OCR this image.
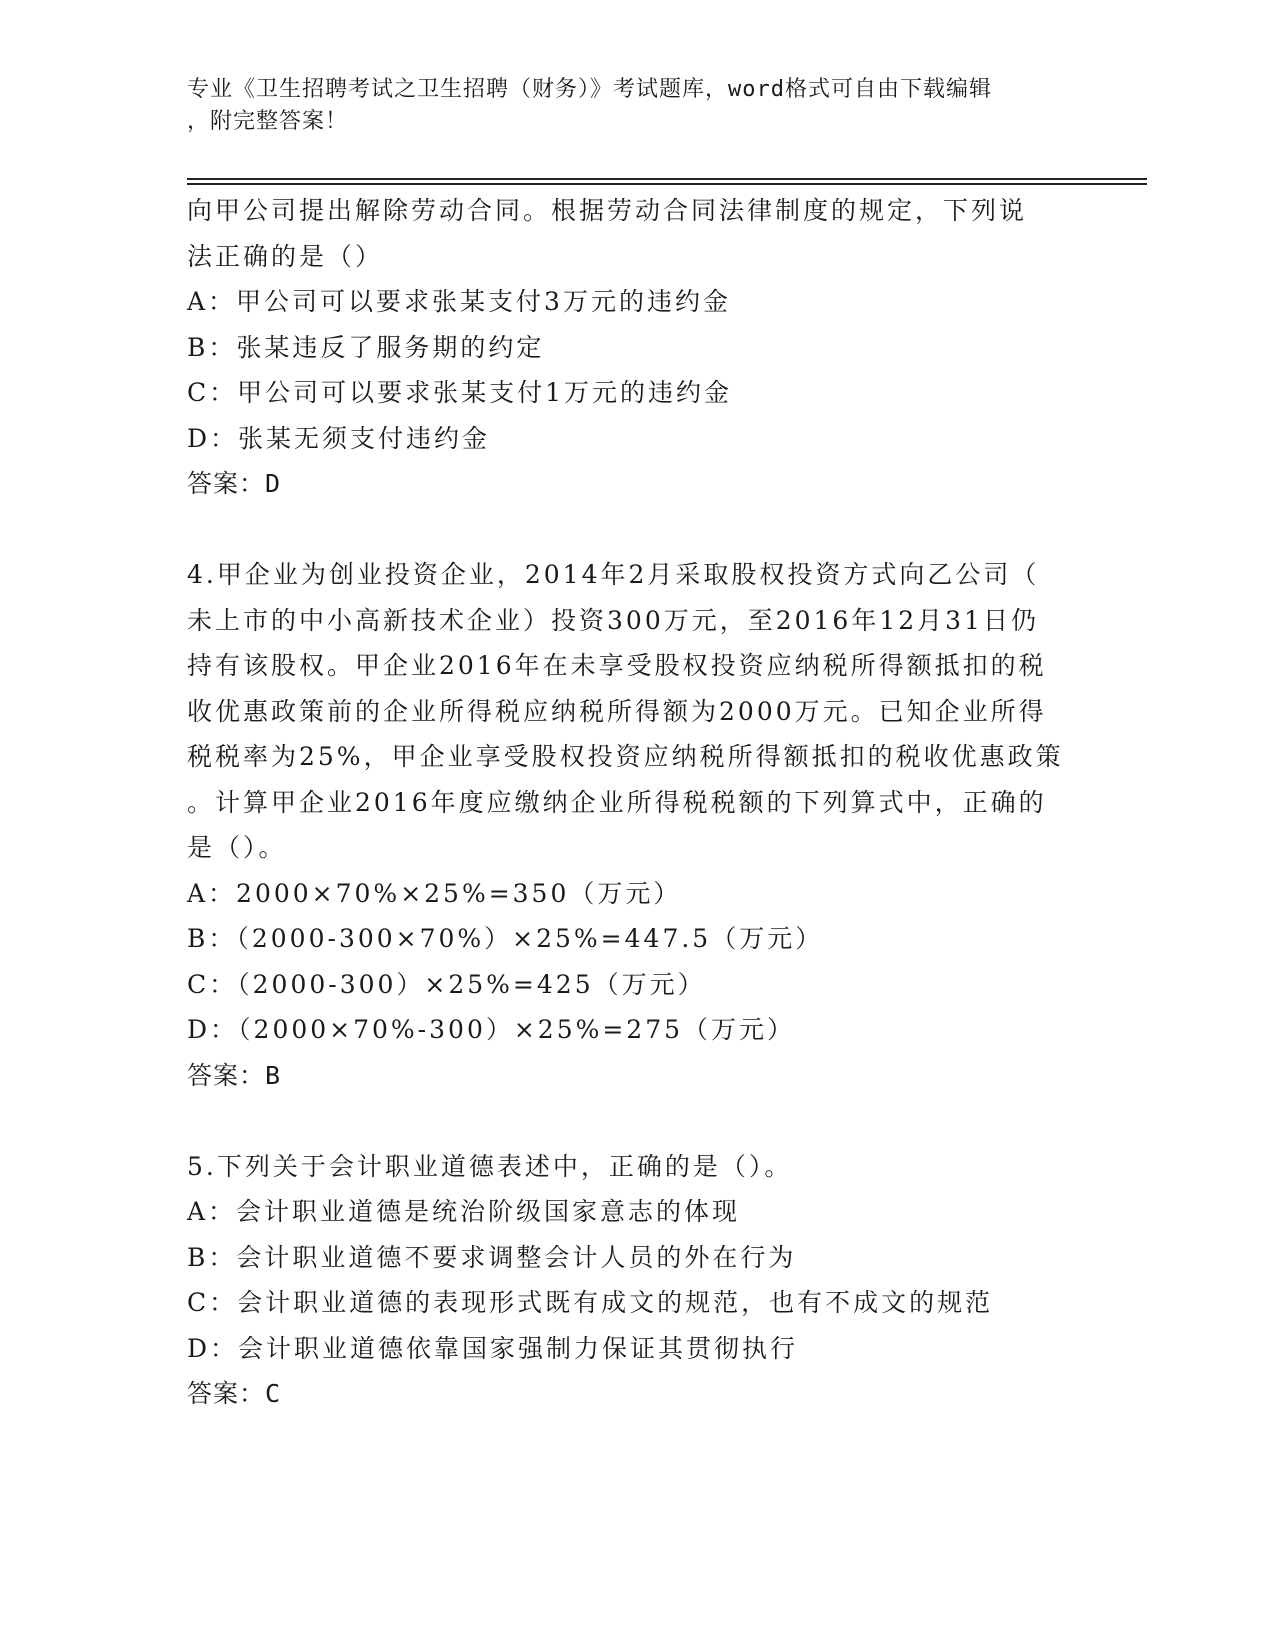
专业《卫生招聘考试之卫生招聘（财务）》考试题库，word格式可自由下载编辑
，附完整答案！
向甲公司提出解除劳动合同。根据劳动合同法律制度的规定，下列说
法正确的是（）
A：甲公司可以要求张某支付3万元的违约金
B：张某违反了服务期的约定
C：甲公司可以要求张某支付1万元的违约金
D：张某无须支付违约金
答案：D
4.甲企业为创业投资企业，2014年2月采取股权投资方式向乙公司（
未上市的中小高新技术企业）投资300万元，至2016年12月31日仍
持有该股权。甲企业2016年在未享受股权投资应纳税所得额抵扣的税
收优惠政策前的企业所得税应纳税所得额为2000万元。已知企业所得
税税率为25%，甲企业享受股权投资应纳税所得额抵扣的税收优惠政策
。计算甲企业2016年度应缴纳企业所得税税额的下列算式中，正确的
是（）。
A：2000×70%×25%=350（万元）
B：（2000-300×70%）×25%=447.5（万元）
C：（2000-300）×25%=425（万元）
D：（2000×70%-300）×25%=275（万元）
答案：B
5.下列关于会计职业道德表述中，正确的是（）。
A：会计职业道德是统治阶级国家意志的体现
B：会计职业道德不要求调整会计人员的外在行为
C：会计职业道德的表现形式既有成文的规范，也有不成文的规范
D：会计职业道德依靠国家强制力保证其贯彻执行
答案：C
